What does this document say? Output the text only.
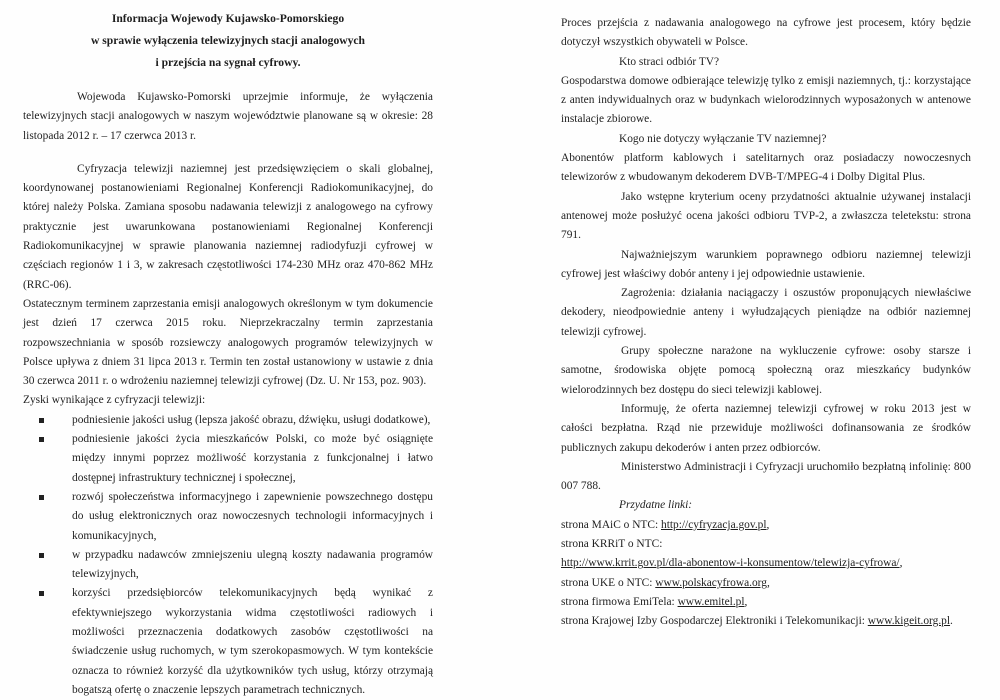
Informacja Wojewody Kujawsko-Pomorskiego
w sprawie wyłączenia telewizyjnych stacji analogowych
i przejścia na sygnał cyfrowy.

Wojewoda Kujawsko-Pomorski uprzejmie informuje, że wyłączenia telewizyjnych stacji analogowych w naszym województwie planowane są w okresie: 28 listopada 2012 r. – 17 czerwca 2013 r.

Cyfryzacja telewizji naziemnej jest przedsięwzięciem o skali globalnej, koordynowanej postanowieniami Regionalnej Konferencji Radiokomunikacyjnej, do której należy Polska. Zamiana sposobu nadawania telewizji z analogowego na cyfrowy praktycznie jest uwarunkowana postanowieniami Regionalnej Konferencji Radiokomunikacyjnej w sprawie planowania naziemnej radiodyfuzji cyfrowej w częściach regionów 1 i 3, w zakresach częstotliwości 174-230 MHz oraz 470-862 MHz (RRC-06).

Ostatecznym terminem zaprzestania emisji analogowych określonym w tym dokumencie jest dzień 17 czerwca 2015 roku. Nieprzekraczalny termin zaprzestania rozpowszechniania w sposób rozsiewczy analogowych programów telewizyjnych w Polsce upływa z dniem 31 lipca 2013 r. Termin ten został ustanowiony w ustawie z dnia 30 czerwca 2011 r. o wdrożeniu naziemnej telewizji cyfrowej (Dz. U. Nr 153, poz. 903).

Zyski wynikające z cyfryzacji telewizji:

podniesienie jakości usług (lepsza jakość obrazu, dźwięku, usługi dodatkowe),
podniesienie jakości życia mieszkańców Polski, co może być osiągnięte między innymi poprzez możliwość korzystania z funkcjonalnej i łatwo dostępnej infrastruktury technicznej i społecznej,
rozwój społeczeństwa informacyjnego i zapewnienie powszechnego dostępu do usług elektronicznych oraz nowoczesnych technologii informacyjnych i komunikacyjnych,
w przypadku nadawców zmniejszeniu ulegną koszty nadawania programów telewizyjnych,
korzyści przedsiębiorców telekomunikacyjnych będą wynikać z efektywniejszego wykorzystania widma częstotliwości radiowych i możliwości przeznaczenia dodatkowych zasobów częstotliwości na świadczenie usług ruchomych, w tym szerokopasmowych. W tym kontekście oznacza to również korzyść dla użytkowników tych usług, którzy otrzymają bogatszą ofertę o znaczenie lepszych parametrach technicznych.

Proces przejścia z nadawania analogowego na cyfrowe jest procesem, który będzie dotyczył wszystkich obywateli w Polsce.

Kto straci odbiór TV?

Gospodarstwa domowe odbierające telewizję tylko z emisji naziemnych, tj.: korzystające z anten indywidualnych oraz w budynkach wielorodzinnych wyposażonych w antenowe instalacje zbiorowe.

Kogo nie dotyczy wyłączanie TV naziemnej?

Abonentów platform kablowych i satelitarnych oraz posiadaczy nowoczesnych telewizorów z wbudowanym dekoderem DVB-T/MPEG-4 i Dolby Digital Plus.

Jako wstępne kryterium oceny przydatności aktualnie używanej instalacji antenowej może posłużyć ocena jakości odbioru TVP-2, a zwłaszcza teletekstu: strona 791.

Najważniejszym warunkiem poprawnego odbioru naziemnej telewizji cyfrowej jest właściwy dobór anteny i jej odpowiednie ustawienie.

Zagrożenia: działania naciągaczy i oszustów proponujących niewłaściwe dekodery, nieodpowiednie anteny i wyłudzających pieniądze na odbiór naziemnej telewizji cyfrowej.

Grupy społeczne narażone na wykluczenie cyfrowe: osoby starsze i samotne, środowiska objęte pomocą społeczną oraz mieszkańcy budynków wielorodzinnych bez dostępu do sieci telewizji kablowej.

Informuję, że oferta naziemnej telewizji cyfrowej w roku 2013 jest w całości bezpłatna. Rząd nie przewiduje możliwości dofinansowania ze środków publicznych zakupu dekoderów i anten przez odbiorców.

Ministerstwo Administracji i Cyfryzacji uruchomiło bezpłatną infolinię: 800 007 788.

Przydatne linki:

strona MAiC o NTC: http://cyfryzacja.gov.pl,
strona KRRiT o NTC:
http://www.krrit.gov.pl/dla-abonentow-i-konsumentow/telewizja-cyfrowa/,
strona UKE o NTC: www.polskacyfrowa.org,
strona firmowa EmiTela: www.emitel.pl,
strona Krajowej Izby Gospodarczej Elektroniki i Telekomunikacji: www.kigeit.org.pl.
